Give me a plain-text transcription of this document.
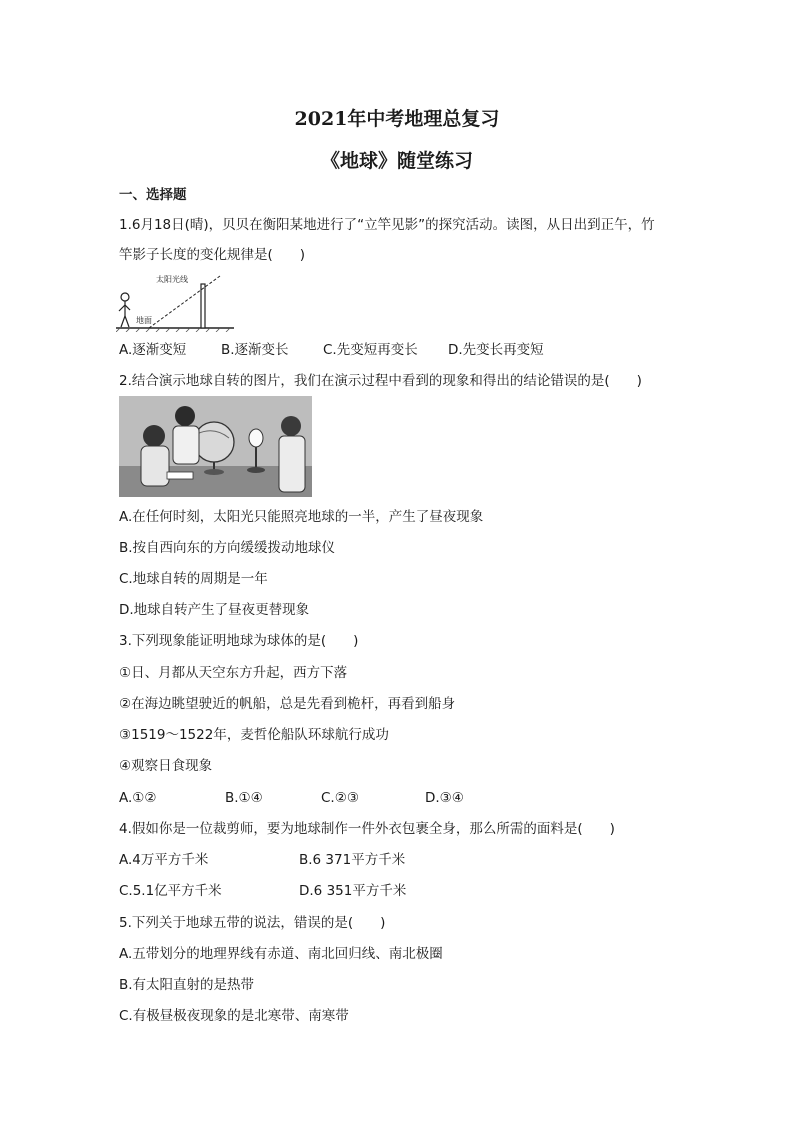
2021年中考地理总复习
《地球》随堂练习
一、选择题
1.6月18日(晴)，贝贝在衡阳某地进行了“立竿见影”的探究活动。读图，从日出到正午，竹
竿影子长度的变化规律是(　　)
太阳光线
地面
A.逐渐变短	B.逐渐变长	C.先变短再变长 D.先变长再变短
2.结合演示地球自转的图片，我们在演示过程中看到的现象和得出的结论错误的是(　　)
A.在任何时刻，太阳光只能照亮地球的一半，产生了昼夜现象
B.按自西向东的方向缓缓拨动地球仪
C.地球自转的周期是一年
D.地球自转产生了昼夜更替现象
3.下列现象能证明地球为球体的是(　　)
①日、月都从天空东方升起，西方下落
②在海边眺望驶近的帆船，总是先看到桅杆，再看到船身
③1519～1522年，麦哲伦船队环球航行成功
④观察日食现象
A.①②	B.①④	C.②③	D.③④
4.假如你是一位裁剪师，要为地球制作一件外衣包裹全身，那么所需的面料是(　　)
A.4万平方千米	B.6 371平方千米
C.5.1亿平方千米	D.6 351平方千米
5.下列关于地球五带的说法，错误的是(　　)
A.五带划分的地理界线有赤道、南北回归线、南北极圈
B.有太阳直射的是热带
C.有极昼极夜现象的是北寒带、南寒带
